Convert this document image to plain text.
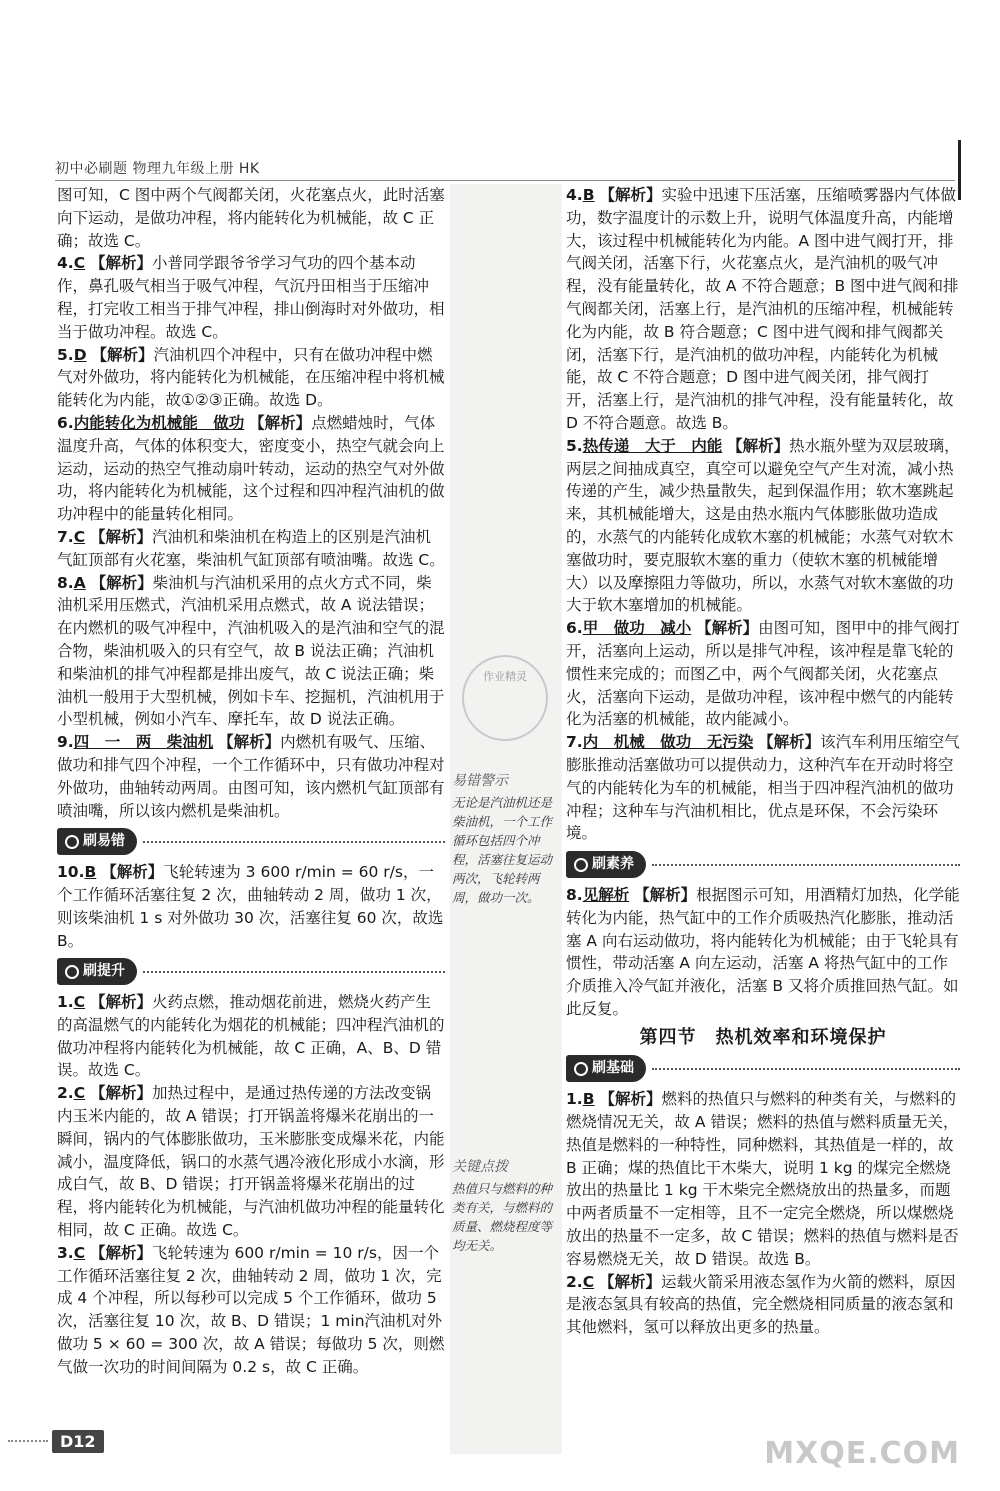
初中必刷题 物理九年级上册 HK
作业精灵
易错警示
无论是汽油机还是柴油机，一个工作循环包括四个冲程，活塞往复运动两次，飞轮转两周，做功一次。
关键点拨
热值只与燃料的种类有关，与燃料的质量、燃烧程度等均无关。

图可知，C 图中两个气阀都关闭，火花塞点火，此时活塞向下运动，是做功冲程，将内能转化为机械能，故 C 正确；故选 C。

4.C 【解析】小普同学跟爷爷学习气功的四个基本动作，鼻孔吸气相当于吸气冲程，气沉丹田相当于压缩冲程，打完收工相当于排气冲程，排山倒海时对外做功，相当于做功冲程。故选 C。

5.D 【解析】汽油机四个冲程中，只有在做功冲程中燃气对外做功，将内能转化为机械能，在压缩冲程中将机械能转化为内能，故①②③正确。故选 D。

6.内能转化为机械能　做功 【解析】点燃蜡烛时，气体温度升高，气体的体积变大，密度变小，热空气就会向上运动，运动的热空气推动扇叶转动，运动的热空气对外做功，将内能转化为机械能，这个过程和四冲程汽油机的做功冲程中的能量转化相同。

7.C 【解析】汽油机和柴油机在构造上的区别是汽油机气缸顶部有火花塞，柴油机气缸顶部有喷油嘴。故选 C。

8.A 【解析】柴油机与汽油机采用的点火方式不同，柴油机采用压燃式，汽油机采用点燃式，故 A 说法错误；在内燃机的吸气冲程中，汽油机吸入的是汽油和空气的混合物，柴油机吸入的只有空气，故 B 说法正确；汽油机和柴油机的排气冲程都是排出废气，故 C 说法正确；柴油机一般用于大型机械，例如卡车、挖掘机，汽油机用于小型机械，例如小汽车、摩托车，故 D 说法正确。

9.四　一　两　柴油机 【解析】内燃机有吸气、压缩、做功和排气四个冲程，一个工作循环中，只有做功冲程对外做功，曲轴转动两周。由图可知，该内燃机气缸顶部有喷油嘴，所以该内燃机是柴油机。

刷易错

10.B 【解析】飞轮转速为 3 600 r/min = 60 r/s，一个工作循环活塞往复 2 次，曲轴转动 2 周，做功 1 次，则该柴油机 1 s 对外做功 30 次，活塞往复 60 次，故选 B。

刷提升

1.C 【解析】火药点燃，推动烟花前进，燃烧火药产生的高温燃气的内能转化为烟花的机械能；四冲程汽油机的做功冲程将内能转化为机械能，故 C 正确，A、B、D 错误。故选 C。

2.C 【解析】加热过程中，是通过热传递的方法改变锅内玉米内能的，故 A 错误；打开锅盖将爆米花崩出的一瞬间，锅内的气体膨胀做功，玉米膨胀变成爆米花，内能减小，温度降低，锅口的水蒸气遇冷液化形成小水滴，形成白气，故 B、D 错误；打开锅盖将爆米花崩出的过程，将内能转化为机械能，与汽油机做功冲程的能量转化相同，故 C 正确。故选 C。

3.C 【解析】飞轮转速为 600 r/min = 10 r/s，因一个工作循环活塞往复 2 次，曲轴转动 2 周，做功 1 次，完成 4 个冲程，所以每秒可以完成 5 个工作循环，做功 5 次，活塞往复 10 次，故 B、D 错误；1 min汽油机对外做功 5 × 60 = 300 次，故 A 错误；每做功 5 次，则燃气做一次功的时间间隔为 0.2 s，故 C 正确。

4.B 【解析】实验中迅速下压活塞，压缩喷雾器内气体做功，数字温度计的示数上升，说明气体温度升高，内能增大，该过程中机械能转化为内能。A 图中进气阀打开，排气阀关闭，活塞下行，火花塞点火，是汽油机的吸气冲程，没有能量转化，故 A 不符合题意；B 图中进气阀和排气阀都关闭，活塞上行，是汽油机的压缩冲程，机械能转化为内能，故 B 符合题意；C 图中进气阀和排气阀都关闭，活塞下行，是汽油机的做功冲程，内能转化为机械能，故 C 不符合题意；D 图中进气阀关闭，排气阀打开，活塞上行，是汽油机的排气冲程，没有能量转化，故 D 不符合题意。故选 B。

5.热传递　大于　内能 【解析】热水瓶外壁为双层玻璃，两层之间抽成真空，真空可以避免空气产生对流，减小热传递的产生，减少热量散失，起到保温作用；软木塞跳起来，其机械能增大，这是由热水瓶内气体膨胀做功造成的，水蒸气的内能转化成软木塞的机械能；水蒸气对软木塞做功时，要克服软木塞的重力（使软木塞的机械能增大）以及摩擦阻力等做功，所以，水蒸气对软木塞做的功大于软木塞增加的机械能。

6.甲　做功　减小 【解析】由图可知，图甲中的排气阀打开，活塞向上运动，所以是排气冲程，该冲程是靠飞轮的惯性来完成的；而图乙中，两个气阀都关闭，火花塞点火，活塞向下运动，是做功冲程，该冲程中燃气的内能转化为活塞的机械能，故内能减小。

7.内　机械　做功　无污染 【解析】该汽车利用压缩空气膨胀推动活塞做功可以提供动力，这种汽车在开动时将空气的内能转化为车的机械能，相当于四冲程汽油机的做功冲程；这种车与汽油机相比，优点是环保，不会污染环境。

刷素养

8.见解析 【解析】根据图示可知，用酒精灯加热，化学能转化为内能，热气缸中的工作介质吸热汽化膨胀，推动活塞 A 向右运动做功，将内能转化为机械能；由于飞轮具有惯性，带动活塞 A 向左运动，活塞 A 将热气缸中的工作介质推入冷气缸并液化，活塞 B 又将介质推回热气缸。如此反复。

第四节　热机效率和环境保护
刷基础

1.B 【解析】燃料的热值只与燃料的种类有关，与燃料的燃烧情况无关，故 A 错误；燃料的热值与燃料质量无关，热值是燃料的一种特性，同种燃料，其热值是一样的，故 B 正确；煤的热值比干木柴大，说明 1 kg 的煤完全燃烧放出的热量比 1 kg 干木柴完全燃烧放出的热量多，而题中两者质量不一定相等，且不一定完全燃烧，所以煤燃烧放出的热量不一定多，故 C 错误；燃料的热值与燃料是否容易燃烧无关，故 D 错误。故选 B。

2.C 【解析】运载火箭采用液态氢作为火箭的燃料，原因是液态氢具有较高的热值，完全燃烧相同质量的液态氢和其他燃料，氢可以释放出更多的热量。

D12	MXQE.COM
